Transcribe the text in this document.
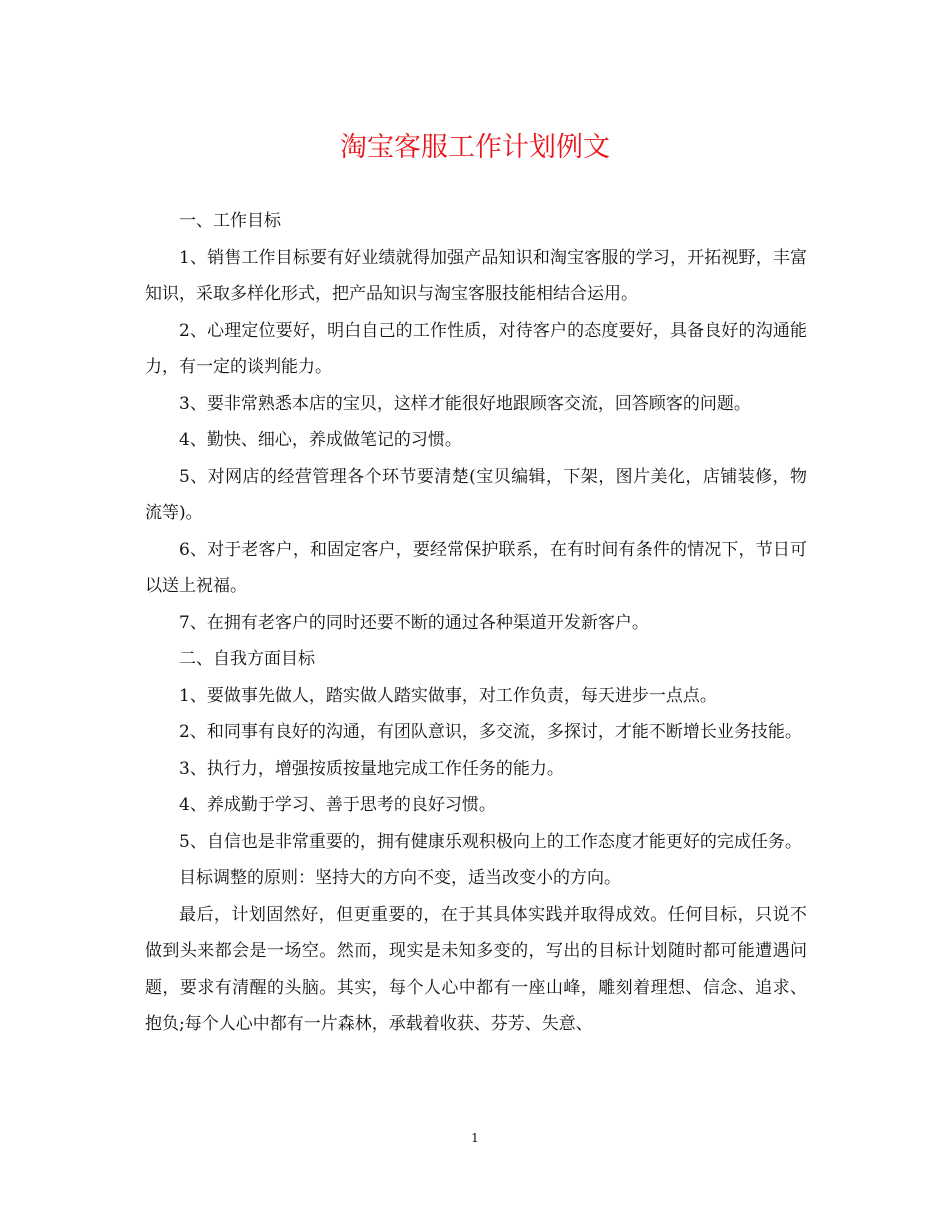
淘宝客服工作计划例文

一、工作目标

1、销售工作目标要有好业绩就得加强产品知识和淘宝客服的学习，开拓视野，丰富知识，采取多样化形式，把产品知识与淘宝客服技能相结合运用。

2、心理定位要好，明白自己的工作性质，对待客户的态度要好，具备良好的沟通能力，有一定的谈判能力。

3、要非常熟悉本店的宝贝，这样才能很好地跟顾客交流，回答顾客的问题。

4、勤快、细心，养成做笔记的习惯。

5、对网店的经营管理各个环节要清楚(宝贝编辑，下架，图片美化，店铺装修，物流等)。

6、对于老客户，和固定客户，要经常保护联系，在有时间有条件的情况下，节日可以送上祝福。

7、在拥有老客户的同时还要不断的通过各种渠道开发新客户。

二、自我方面目标

1、要做事先做人，踏实做人踏实做事，对工作负责，每天进步一点点。

2、和同事有良好的沟通，有团队意识，多交流，多探讨，才能不断增长业务技能。

3、执行力，增强按质按量地完成工作任务的能力。

4、养成勤于学习、善于思考的良好习惯。

5、自信也是非常重要的，拥有健康乐观积极向上的工作态度才能更好的完成任务。

目标调整的原则：坚持大的方向不变，适当改变小的方向。

最后，计划固然好，但更重要的，在于其具体实践并取得成效。任何目标，只说不做到头来都会是一场空。然而，现实是未知多变的，写出的目标计划随时都可能遭遇问题，要求有清醒的头脑。其实，每个人心中都有一座山峰，雕刻着理想、信念、追求、抱负;每个人心中都有一片森林，承载着收获、芬芳、失意、

1
